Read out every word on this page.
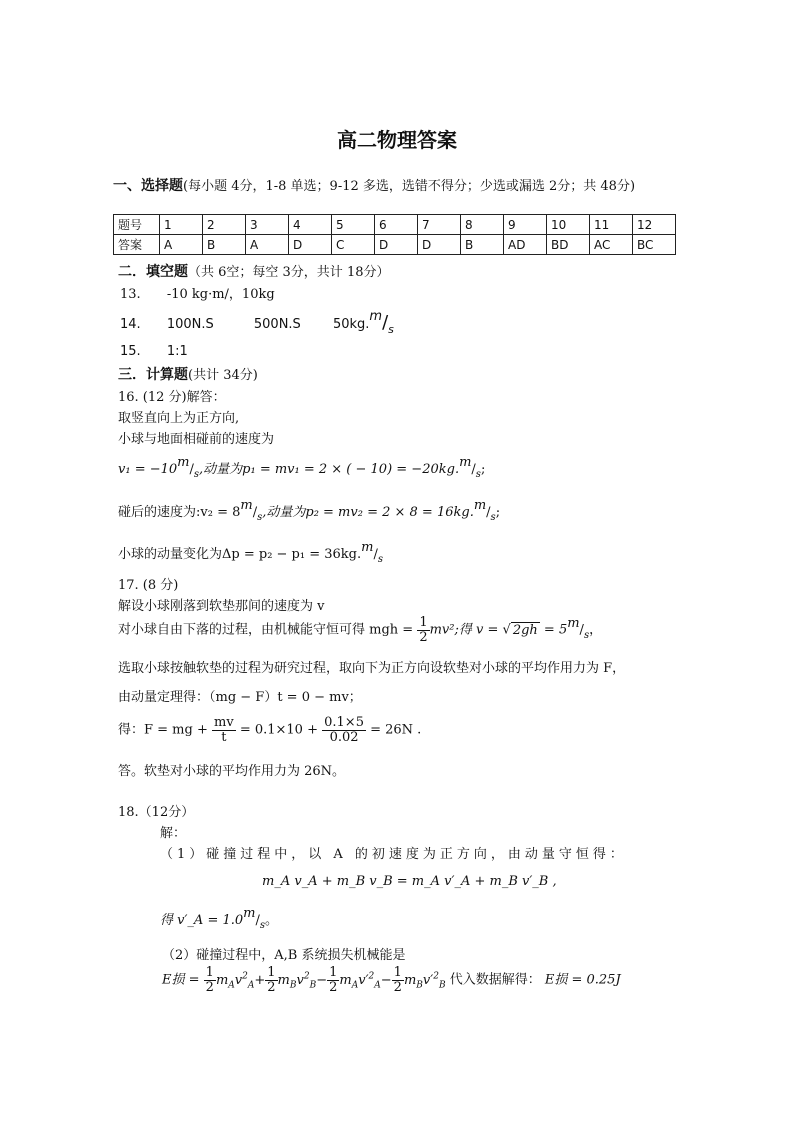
高二物理答案
一、选择题(每小题 4分，1-8 单选；9-12 多选，选错不得分；少选或漏选 2分；共 48分)
题号	1	2	3	4	5	6	7	8	9	10	11	12
答案	A	B	A	D	C	D	D	B	AD	BD	AC	BC
二．填空题（共 6空；每空 3分，共计 18分）
13. -10 kg·m/，10kg
14. 100N.S	500N.S $50kg.m/_s$
15. 1:1
三．计算题(共计 34分)
16. (12 分)解答：
取竖直向上为正方向,
小球与地面相碰前的速度为
$v_1 = -10m/_s$,动量为p₁ = mv₁ = 2 × ( − $10) = -20kg.m/_s$;
碰后的速度为:v₂ = $8m/_s$,动量为$p_2 = mv_2 = 2 \times 8 = 16kg.m/_s$;
小球的动量变化为$\Delta p = p_2 - p_1 = 36kg.m/_s$
17. (8 分)
解设小球刚落到软垫那间的速度为 v
对小球自由下落的过程，由机械能守恒可得 mgh = $\frac{1}{2} mv^2$;得 v = √ $2gh = 5m/_s$，
选取小球按触软垫的过程为研究过程，取向下为正方向设软垫对小球的平均作用力为 F，
由动量定理得：（mg − F）t = 0 − mv；
得：F = mg + $\frac{mv}{t} = 0.1\times 10 + \frac{0.1\times 5}{0.02} = 26N$ .
答。软垫对小球的平均作用力为 26N。
18.（12分）
解：
（1）碰撞过程中，以 A 的初速度为正方向，由动量守恒得：
m_A v_A + m_B v_B = m_A v′_A + m_B v′_B ,
得 v′_A = $1.0m/_s$。
（2）碰撞过程中，A,B 系统损失机械能是
E损 = $\frac{1}{2} m_Av^2_A+ \frac{1}{2} m_Bv^2_B- \frac{1}{2} m_Av'^2_A- \frac{1}{2} m_Bv'^2_B$ 代入数据解得： E损 = 0.25J
